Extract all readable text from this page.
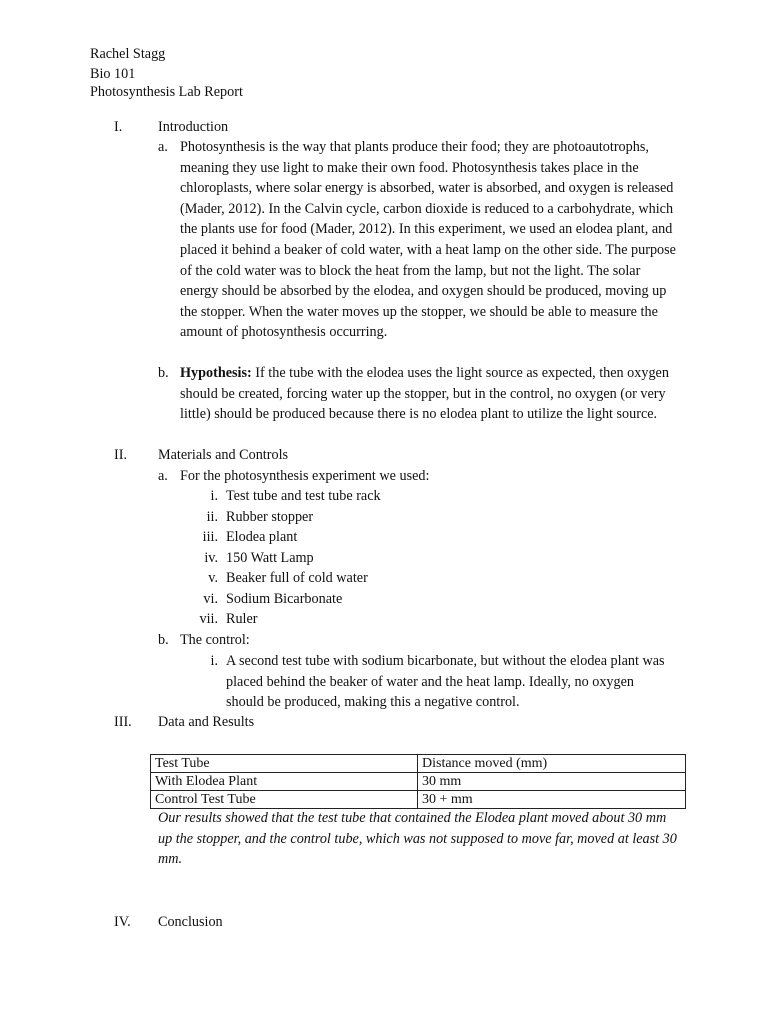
Rachel Stagg
Bio 101
Photosynthesis Lab Report
I.	Introduction
a. Photosynthesis is the way that plants produce their food; they are photoautotrophs, meaning they use light to make their own food. Photosynthesis takes place in the chloroplasts, where solar energy is absorbed, water is absorbed, and oxygen is released (Mader, 2012). In the Calvin cycle, carbon dioxide is reduced to a carbohydrate, which the plants use for food (Mader, 2012). In this experiment, we used an elodea plant, and placed it behind a beaker of cold water, with a heat lamp on the other side. The purpose of the cold water was to block the heat from the lamp, but not the light. The solar energy should be absorbed by the elodea, and oxygen should be produced, moving up the stopper. When the water moves up the stopper, we should be able to measure the amount of photosynthesis occurring.
b. Hypothesis: If the tube with the elodea uses the light source as expected, then oxygen should be created, forcing water up the stopper, but in the control, no oxygen (or very little) should be produced because there is no elodea plant to utilize the light source.
II. Materials and Controls
a. For the photosynthesis experiment we used:
i. Test tube and test tube rack
ii. Rubber stopper
iii. Elodea plant
iv. 150 Watt Lamp
v. Beaker full of cold water
vi. Sodium Bicarbonate
vii. Ruler
b. The control:
i. A second test tube with sodium bicarbonate, but without the elodea plant was placed behind the beaker of water and the heat lamp. Ideally, no oxygen should be produced, making this a negative control.
III. Data and Results
Test Tube	Distance moved (mm)
With Elodea Plant	30 mm
Control Test Tube	30 + mm
Our results showed that the test tube that contained the Elodea plant moved about 30 mm up the stopper, and the control tube, which was not supposed to move far, moved at least 30 mm.
IV. Conclusion
